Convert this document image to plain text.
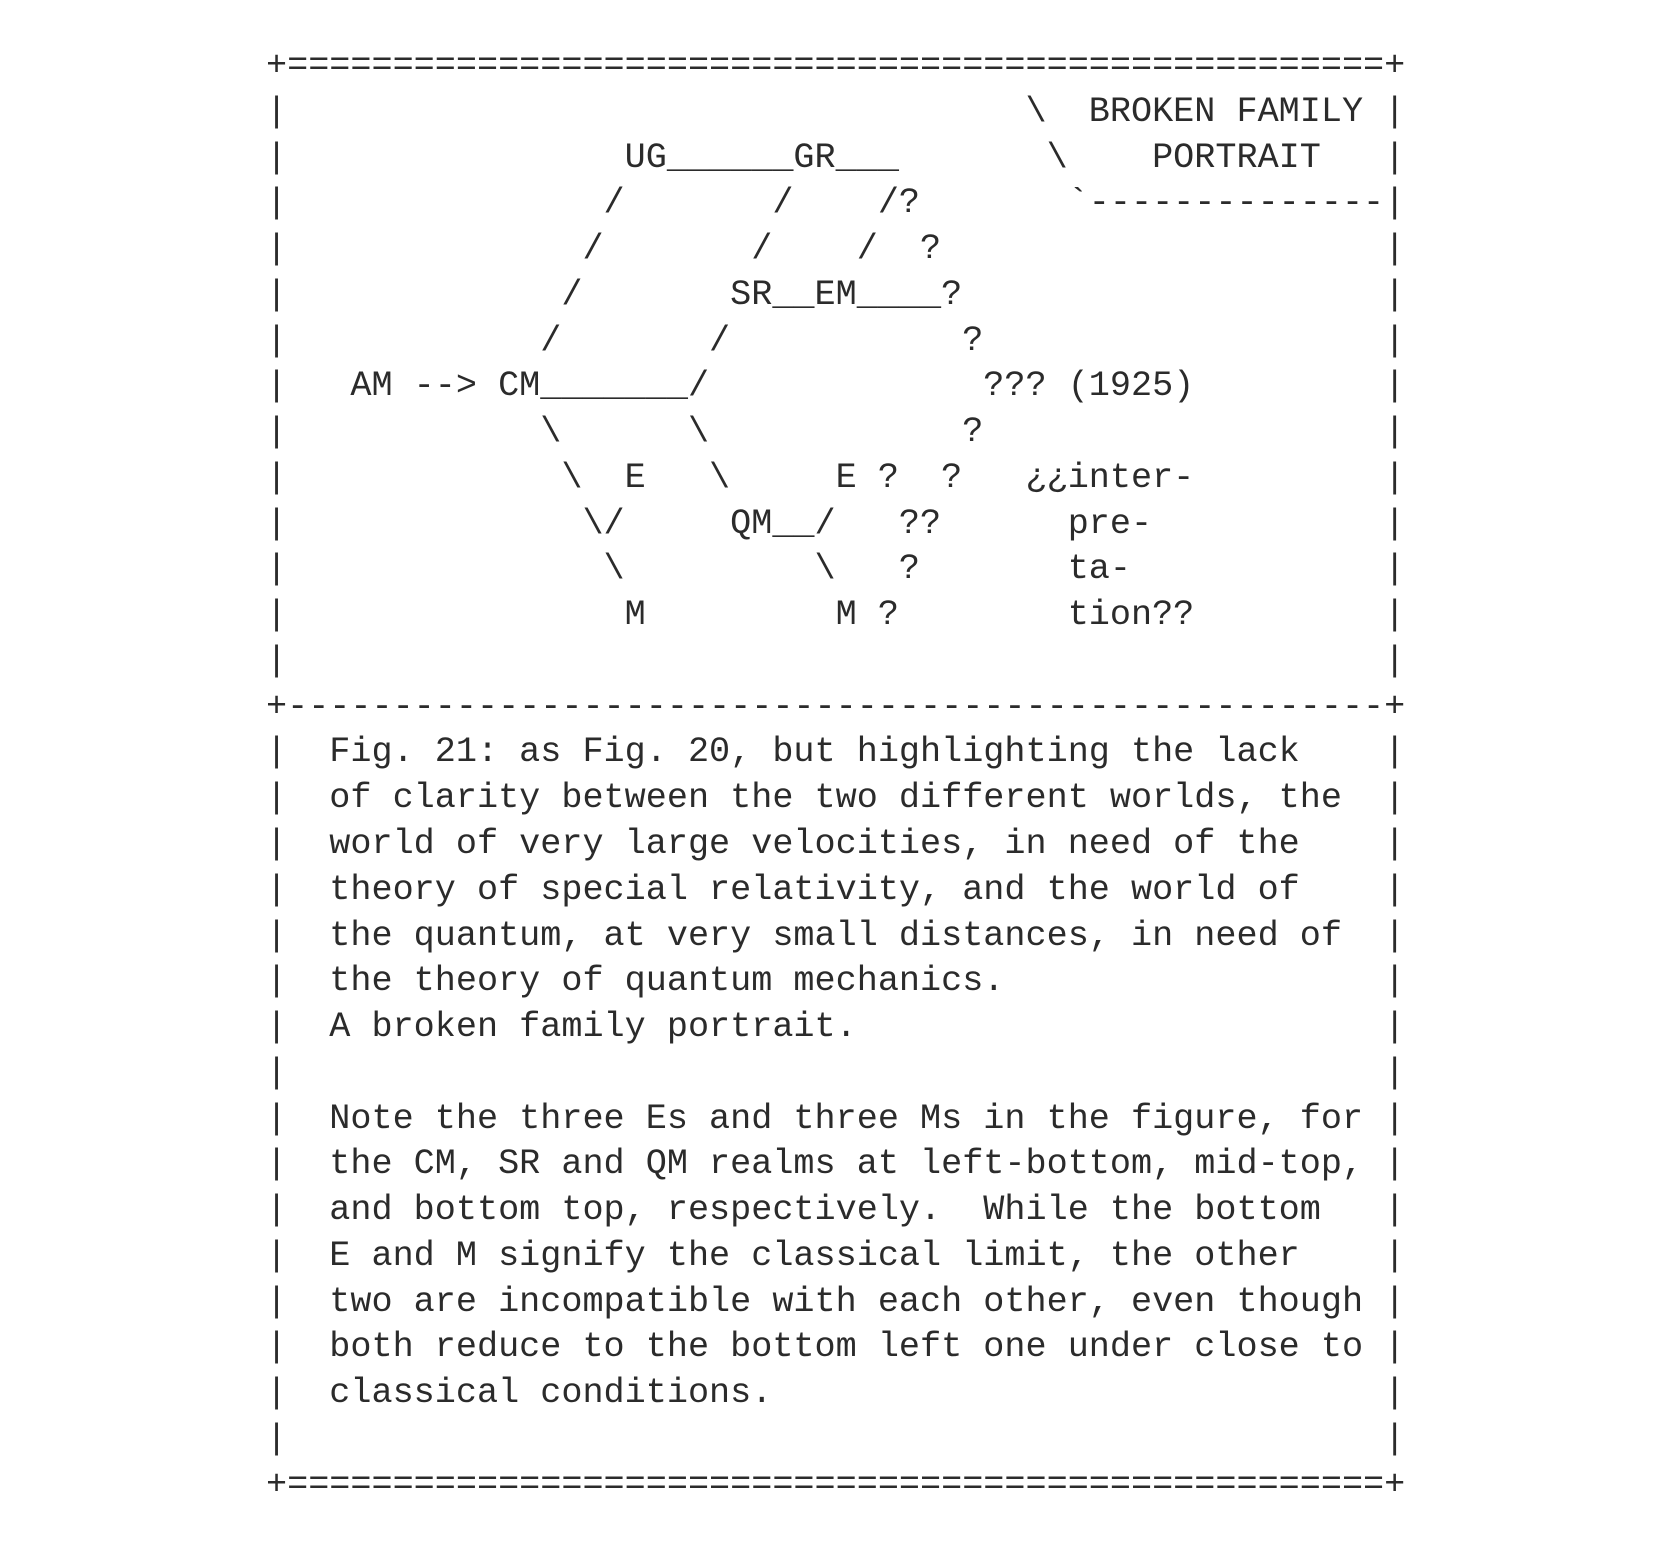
+====================================================+
|                                   \  BROKEN FAMILY |
|                UG______GR___       \    PORTRAIT   |
|               /       /    /?       `--------------|
|              /       /    /  ?                     |
|             /       SR__EM____?                    |
|            /       /           ?                   |
|   AM --> CM_______/             ??? (1925)         |
|            \      \            ?                   |
|             \  E   \     E ?  ?   ¿¿inter-         |
|              \/     QM__/   ??      pre-           |
|               \         \   ?       ta-            |
|                M         M ?        tion??         |
|                                                    |
+----------------------------------------------------+
|  Fig. 21: as Fig. 20, but highlighting the lack    |
|  of clarity between the two different worlds, the  |
|  world of very large velocities, in need of the    |
|  theory of special relativity, and the world of    |
|  the quantum, at very small distances, in need of  |
|  the theory of quantum mechanics.                  |
|  A broken family portrait.                         |
|                                                    |
|  Note the three Es and three Ms in the figure, for |
|  the CM, SR and QM realms at left-bottom, mid-top, |
|  and bottom top, respectively.  While the bottom   |
|  E and M signify the classical limit, the other    |
|  two are incompatible with each other, even though |
|  both reduce to the bottom left one under close to |
|  classical conditions.                             |
|                                                    |
+====================================================+
